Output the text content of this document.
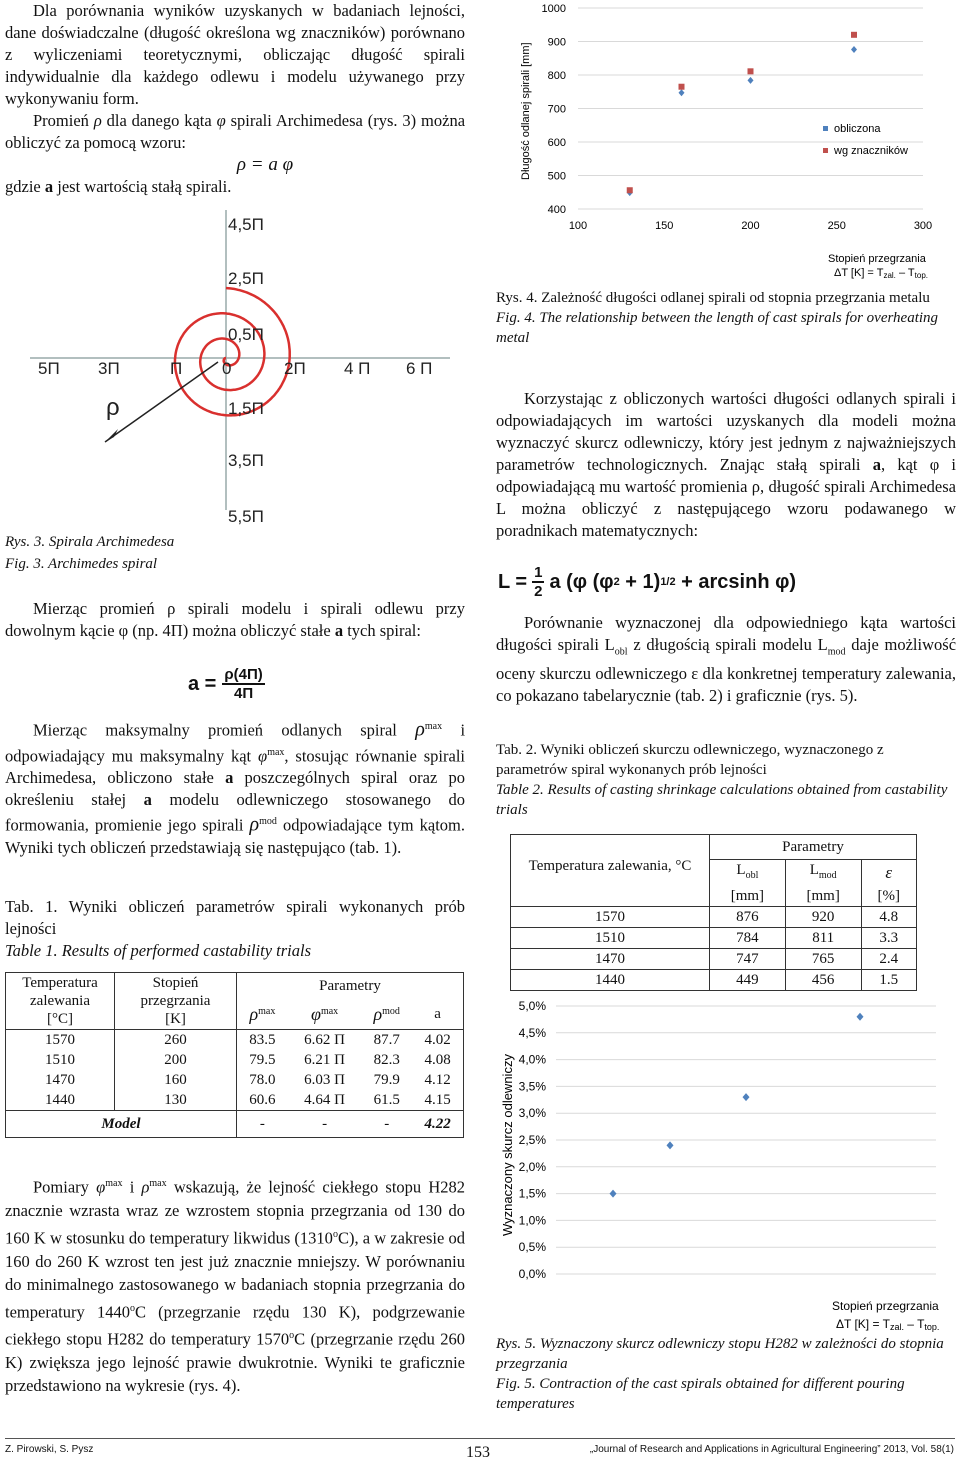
Dla porównania wyników uzyskanych w badaniach lejności, dane doświadczalne (długość określona wg znaczników) porównano z wyliczeniami teoretycznymi, obliczając długość spirali indywidualnie dla każdego odlewu i modelu używanego przy wykonywaniu form.

Promień ρ dla danego kąta φ spirali Archimedesa (rys. 3) można obliczyć za pomocą wzoru:

ρ = a φ

gdzie a jest wartością stałą spirali.

4,5Π
2,5Π
0,5Π
5Π 3Π	Π 0	2Π 4 Π 6 Π
1,5Π
3,5Π
5,5Π
ρ

Rys. 3. Spirala Archimedesa

Fig. 3. Archimedes spiral

Mierząc promień ρ spirali modelu i spirali odlewu przy dowolnym kącie φ (np. 4Π) można obliczyć stałe a tych spiral:

$a = \frac{\rho(4\Pi)}{4\Pi}$

Mierząc maksymalny promień odlanych spiral $\rho^{max}$ i odpowiadający mu maksymalny kąt $\varphi^{max}$, stosując równanie spirali Archimedesa, obliczono stałe a poszczególnych spiral oraz po określeniu stałej a modelu odlewniczego stosowanego do formowania, promienie jego spirali $\rho^{mod}$ odpowiadające tym kątom. Wyniki tych obliczeń przedstawiają się następująco (tab. 1).

Tab. 1. Wyniki obliczeń parametrów spirali wykonanych prób lejności

Table 1. Results of performed castability trials

Temperatura
zalewania
[°C]	Stopień
przegrzania
[K]	Parametry			
		$\rho^{max}$	$\varphi^{max}$	$\rho^{mod}$	a
1570	260	83.5	6.62 Π	87.7	4.02
1510	200	79.5	6.21 Π	82.3	4.08
1470	160	78.0	6.03 Π	79.9	4.12
1440	130	60.6	4.64 Π	61.5	4.15
Model		-	-	-	4.22

Pomiary $\varphi^{max}$ i $\rho^{max}$ wskazują, że lejność ciekłego stopu H282 znacznie wzrasta wraz ze wzrostem stopnia przegrzania od 130 do 160 K w stosunku do temperatury likwidus (1310$^o$C), a w zakresie od 160 do 260 K wzrost ten jest już znacznie mniejszy. W porównaniu do minimalnego zastosowanego w badaniach stopnia przegrzania do temperatury 1440$^o$C (przegrzanie rzędu 130 K), podgrzewanie ciekłego stopu H282 do temperatury 1570$^o$C (przegrzanie rzędu 260 K) zwiększa jego lejność prawie dwukrotnie. Wyniki te graficznie przedstawiono na wykresie (rys. 4).

400
500
600
700
800
900
1000
100	150	200	250	300
Długość odlanej spirali [mm]	obliczona
wg znaczników
Stopień przegrzania
ΔT [K] = Tzal. – Ttop.

Rys. 4. Zależność długości odlanej spirali od stopnia przegrzania metalu

Fig. 4. The relationship between the length of cast spirals for overheating metal

Korzystając z obliczonych wartości długości odlanych spirali i odpowiadających im wartości uzyskanych dla modeli można wyznaczyć skurcz odlewniczy, który jest jednym z najważniejszych parametrów technologicznych. Znając stałą spirali a, kąt φ i odpowiadającą mu wartość promienia ρ, długość spirali Archimedesa L można obliczyć z następującego wzoru podawanego w poradnikach matematycznych:

$L = \frac{1}{2}$ a (φ (φ 2 + 1) 1/2 + arcsinh φ)

Porównanie wyznaczonej dla odpowiedniego kąta wartości długości spirali $L_{obl}$ z długością spirali modelu $L_{mod}$ daje możliwość oceny skurczu odlewniczego ε dla konkretnej temperatury zalewania, co pokazano tabelarycznie (tab. 2) i graficznie (rys. 5).

Tab. 2. Wyniki obliczeń skurczu odlewniczego, wyznaczonego z parametrów spiral wykonanych prób lejności

Table 2. Results of casting shrinkage calculations obtained from castability trials

Temperatura zalewania, °C	Parametry		
	$L_{obl}$	$L_{mod}$	ε
	[mm]	[mm]	[%]
1570	876	920	4.8
1510	784	811	3.3
1470	747	765	2.4
1440	449	456	1.5
0,0%
0,5%
1,0%
1,5%
2,0%
2,5%
3,0%
3,5%
4,0%
4,5%
5,0%
Wyznaczony skurcz odlewniczy
Stopień przegrzania
ΔT [K] = Tzal. – Ttop.

Rys. 5. Wyznaczony skurcz odlewniczy stopu H282 w zależności do stopnia przegrzania

Fig. 5. Contraction of the cast spirals obtained for different pouring temperatures

Z. Pirowski, S. Pysz	153	„Journal of Research and Applications in Agricultural Engineering” 2013, Vol. 58(1)
